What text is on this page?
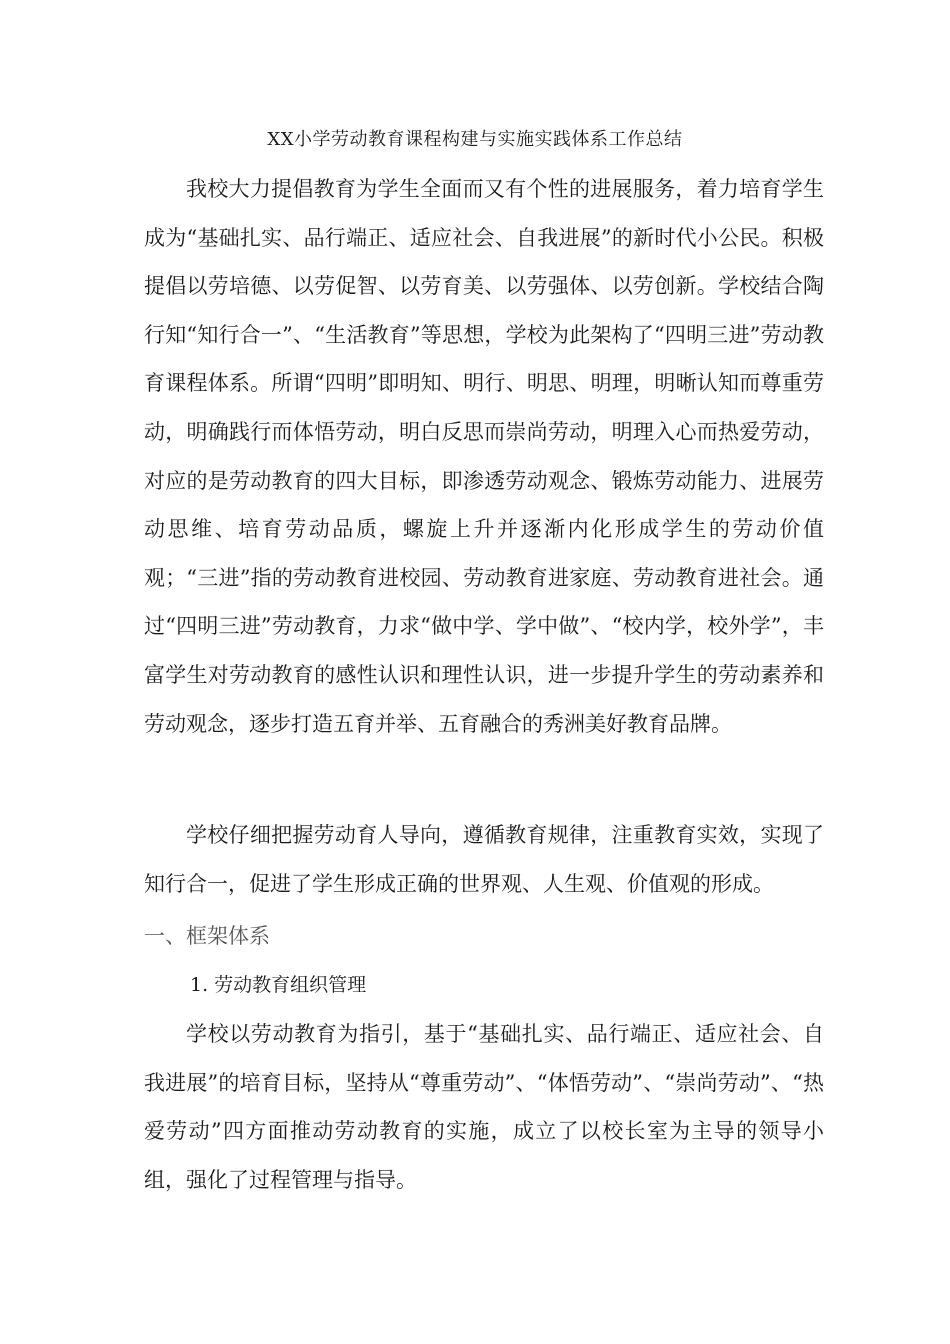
XX小学劳动教育课程构建与实施实践体系工作总结

我校大力提倡教育为学生全面而又有个性的进展服务，着力培育学生成为“基础扎实、品行端正、适应社会、自我进展”的新时代小公民。积极提倡以劳培德、以劳促智、以劳育美、以劳强体、以劳创新。学校结合陶行知“知行合一”、“生活教育”等思想，学校为此架构了“四明三进”劳动教育课程体系。所谓“四明”即明知、明行、明思、明理，明晰认知而尊重劳动，明确践行而体悟劳动，明白反思而崇尚劳动，明理入心而热爱劳动，对应的是劳动教育的四大目标，即渗透劳动观念、锻炼劳动能力、进展劳动思维、培育劳动品质，螺旋上升并逐渐内化形成学生的劳动价值观；“三进”指的劳动教育进校园、劳动教育进家庭、劳动教育进社会。通过“四明三进”劳动教育，力求“做中学、学中做”、“校内学，校外学”，丰富学生对劳动教育的感性认识和理性认识，进一步提升学生的劳动素养和劳动观念，逐步打造五育并举、五育融合的秀洲美好教育品牌。

学校仔细把握劳动育人导向，遵循教育规律，注重教育实效，实现了知行合一，促进了学生形成正确的世界观、人生观、价值观的形成。

一、框架体系
1. 劳动教育组织管理

学校以劳动教育为指引，基于“基础扎实、品行端正、适应社会、自我进展”的培育目标，坚持从“尊重劳动”、“体悟劳动”、“崇尚劳动”、“热爱劳动”四方面推动劳动教育的实施，成立了以校长室为主导的领导小组，强化了过程管理与指导。
